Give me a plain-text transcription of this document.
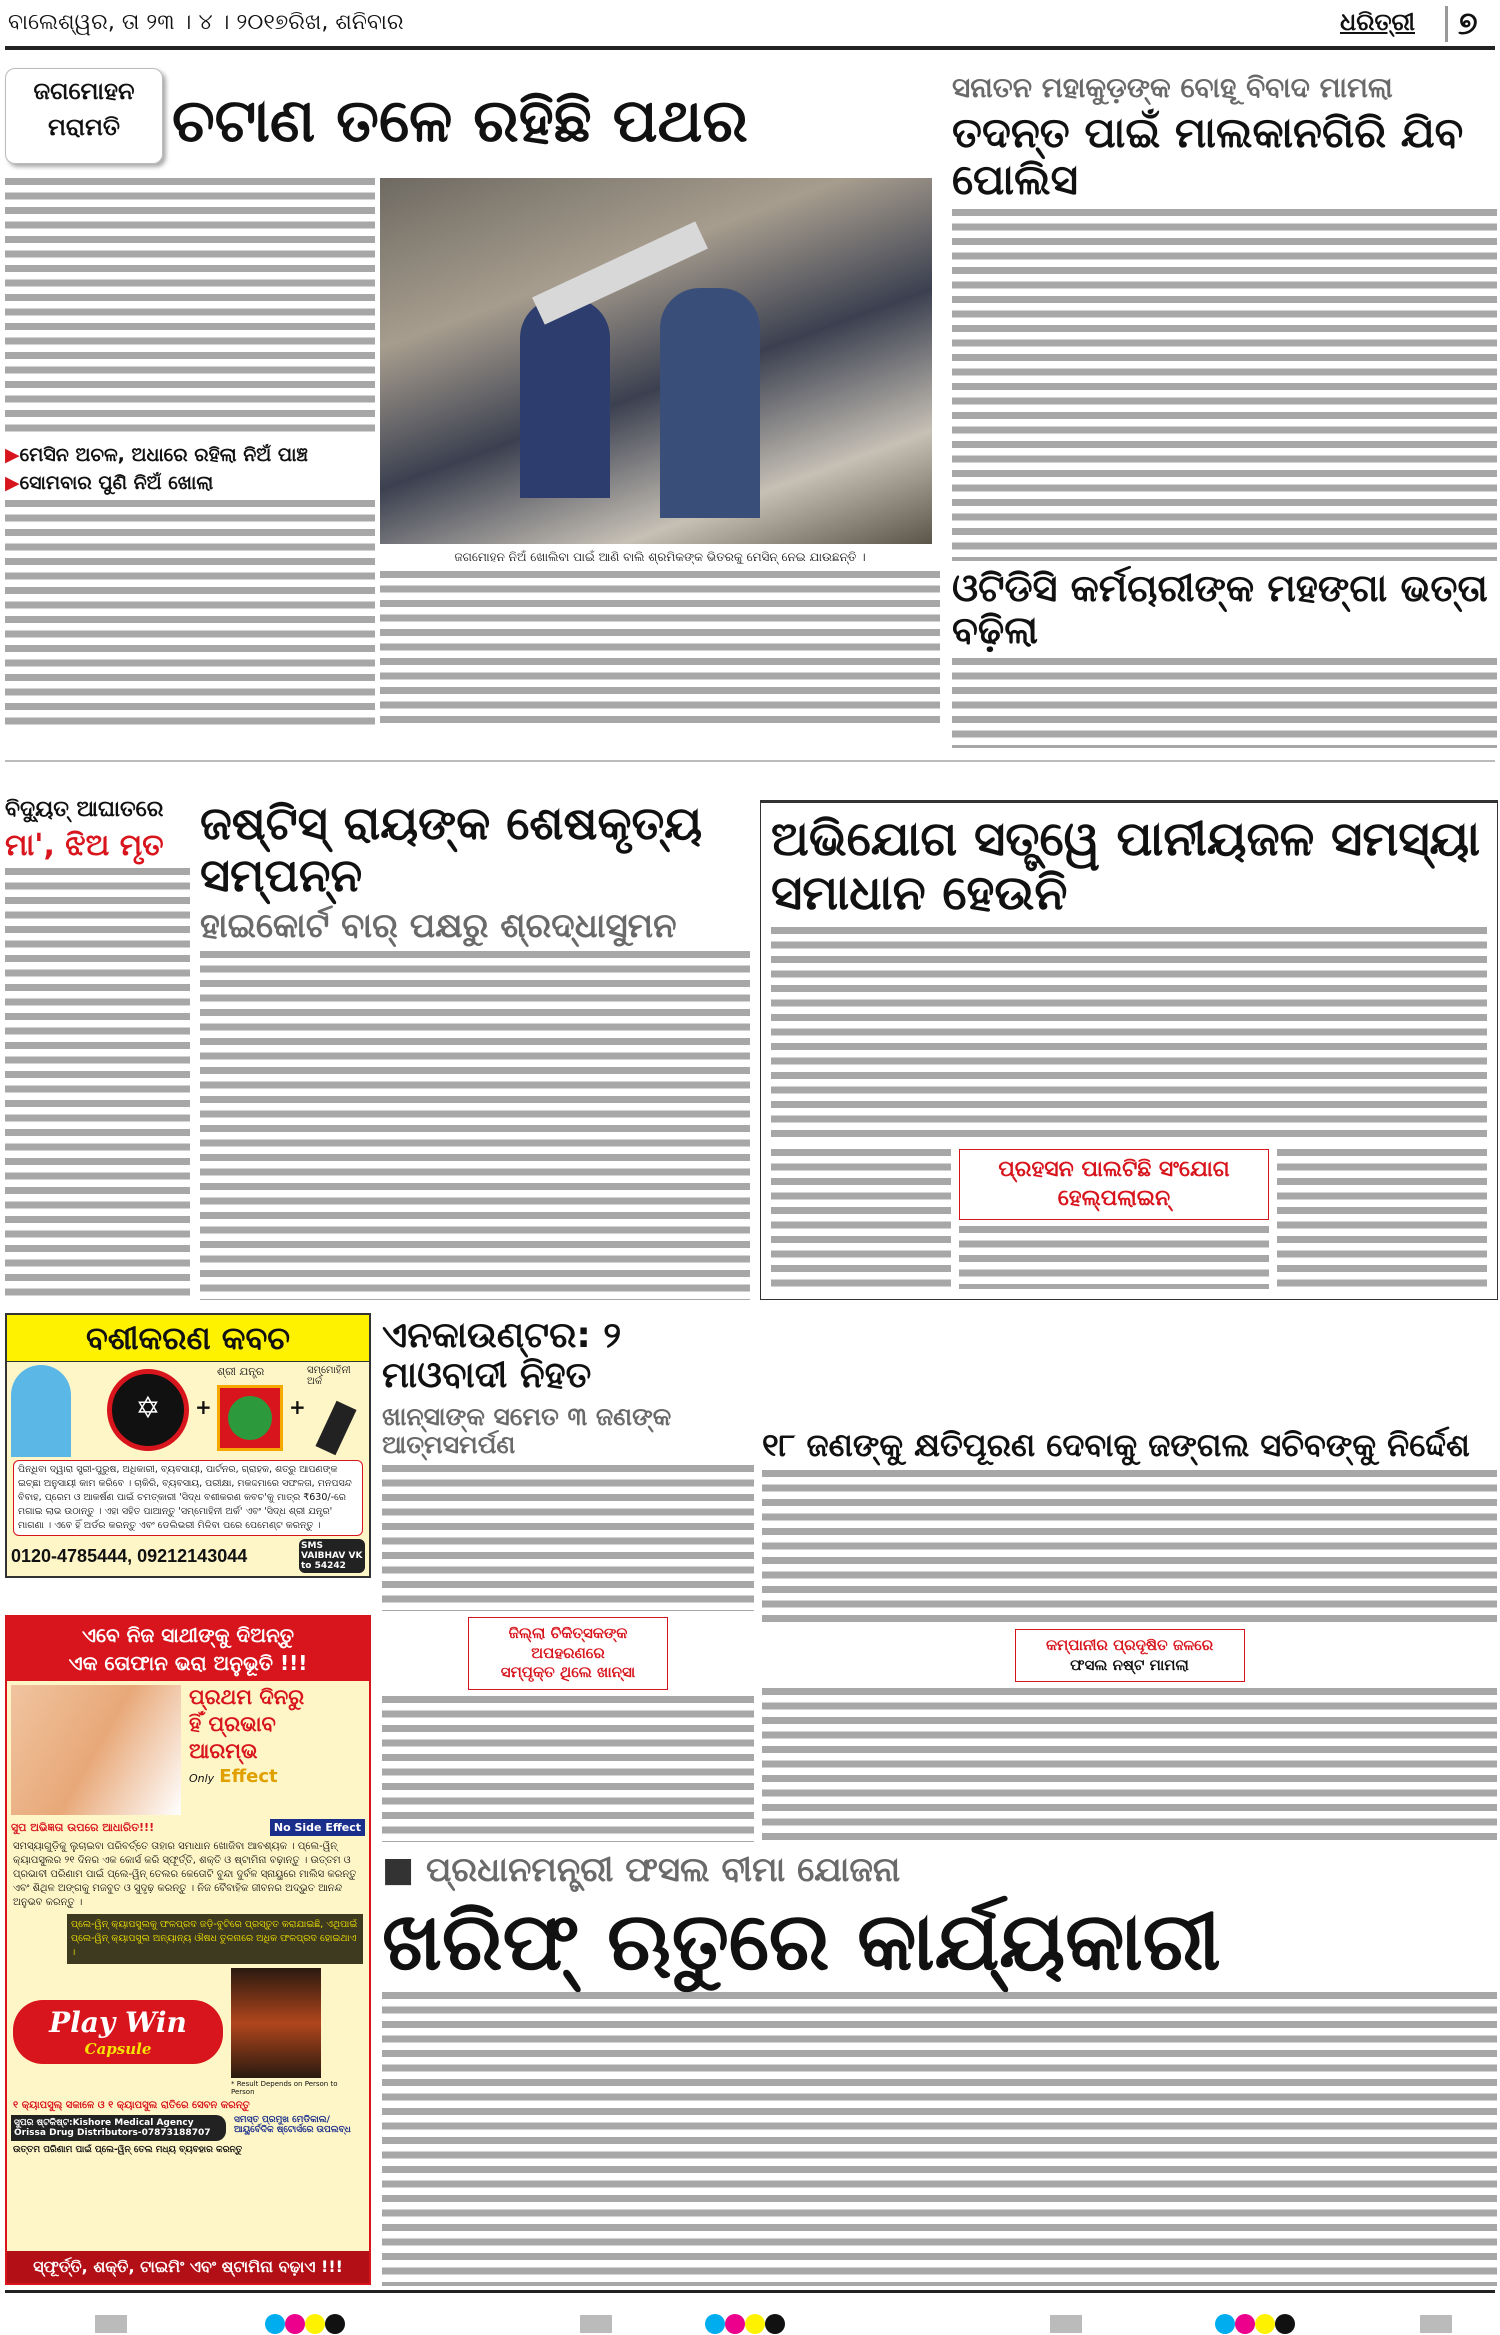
ବାଲେଶ୍ୱର, ତା ୨୩ । ୪ । ୨୦୧୭ରିଖ, ଶନିବାର	ଧରିତ୍ରୀ ୭
ଜଗମୋହନ
ମରାମତି ଚଟାଣ ତଳେ ରହିଛି ପଥର
▶ମେସିନ ଅଚଳ, ଅଧାରେ ରହିଲା ନିଅଁ ପାଞ୍ଚ
▶ସୋମବାର ପୁଣି ନିଅଁ ଖୋଲା
ଜଗମୋହନ ନିଅଁ ଖୋଲିବା ପାଇଁ ଆଣି ବାଲି ଶ୍ରମିକଙ୍କ ଭିତରକୁ ମେସିନ୍ ନେଇ ଯାଉଛନ୍ତି ।
ସନାତନ ମହାକୁଡ଼ଙ୍କ ବୋହୂ ବିବାଦ ମାମଲା
ତଦନ୍ତ ପାଇଁ ମାଲକାନଗିରି ଯିବ ପୋଲିସ
ଓଟିଡିସି କର୍ମଚାରୀଙ୍କ ମହଙ୍ଗା ଭତ୍ତା ବଢ଼ିଲା
ବିଦ୍ୟୁତ୍ ଆଘାତରେ
ମା', ଝିଅ ମୃତ ଜଷ୍ଟିସ୍ ରାୟଙ୍କ ଶେଷକୃତ୍ୟ ସମ୍ପନ୍ନ
ହାଇକୋର୍ଟ ବାର୍ ପକ୍ଷରୁ ଶ୍ରଦ୍ଧାସୁମନ
ଅଭିଯୋଗ ସତ୍ତ୍ୱେ ପାନୀୟଜଳ ସମସ୍ୟା ସମାଧାନ ହେଉନି
ପ୍ରହସନ ପାଲଟିଛି ସଂଯୋଗ ହେଲ୍ପଲାଇନ୍
ବଶୀକରଣ କବଚ
✡	+
ଶ୍ରୀ ଯନ୍ତ୍ର
+
ସମ୍ମୋହିନୀ ଅର୍କ
ପିନ୍ଧିବା ଦ୍ୱାରା ସ୍ତ୍ରୀ-ପୁରୁଷ, ଅଧିକାରୀ, ବ୍ୟବସାୟୀ, ପାର୍ଟନର, ଗ୍ରାହକ, ଶତ୍ରୁ ଆପଣଙ୍କ ଇଚ୍ଛା ଅନୁସାୟୀ କାମ କରିବେ । ଚାକିରି, ବ୍ୟବସାୟ, ପରୀକ୍ଷା, ମକଦ୍ଦମାରେ ସଫଳତା, ମନପସନ୍ଦ ବିବାହ, ପ୍ରେମ ଓ ଆକର୍ଷଣ ପାଇଁ ଚମତ୍କାରୀ 'ସିଦ୍ଧ ବଶୀକରଣ କବଚ'କୁ ମାତ୍ର ₹630/-ରେ ମଗାଇ ଲାଭ ଉଠାନ୍ତୁ । ଏହା ସହିତ ପାଆନ୍ତୁ 'ସମ୍ମୋହିନୀ ଅର୍କ' ଏବଂ 'ସିଦ୍ଧ ଶ୍ରୀ ଯନ୍ତ୍ର' ମାଗଣା । ଏବେ ହିଁ ଅର୍ଡର କରନ୍ତୁ ଏବଂ ଡେଲିଭରୀ ମିଳିବା ପରେ ପେମେଣ୍ଟ କରନ୍ତୁ ।
0120-4785444, 09212143044	SMS VAIBHAV VK to 54242
ଏବେ ନିଜ ସାଥୀଙ୍କୁ ଦିଅନ୍ତୁ
ଏକ ତୋଫାନ ଭରା ଅନୁଭୂତି !!!
ପ୍ରଥମ ଦିନରୁ
ହିଁ ପ୍ରଭାବ
ଆରମ୍ଭ
Only Effect
ସୁପ ଅଭିଜ୍ଞତା ଉପରେ ଆଧାରିତ!!!	No Side Effect
ସମସ୍ୟାଗୁଡ଼ିକୁ ଲୁଚାଇବା ପରିବର୍ତ୍ତେ ତାହାର ସମାଧାନ ଖୋଜିବା ଆବଶ୍ୟକ । ପ୍ଲେ-ୱିନ୍ କ୍ୟାପସୁଲର ୨୧ ଦିନର ଏକ କୋର୍ସ କରି ସ୍ଫୂର୍ତ୍ତି, ଶକ୍ତି ଓ ଷ୍ଟାମିନା ବଢ଼ାନ୍ତୁ । ଉତ୍ତମ ଓ ପ୍ରଭାବୀ ପରିଣାମ ପାଇଁ ପ୍ଲେ-ୱିନ୍ ତେଲର କେତୋଟି ବୁନ୍ଦା ଦୁର୍ବଳ ସ୍ନାୟୁରେ ମାଲିସ କରନ୍ତୁ ଏବଂ ଶିଥିଳ ଅଙ୍ଗକୁ ମଜବୁତ ଓ ସୁଦୃଢ଼ କରନ୍ତୁ । ନିଜ ବୈବାହିକ ଜୀବନର ଅଦ୍ଭୁତ ଆନନ୍ଦ ଅନୁଭବ କରନ୍ତୁ ।
ପ୍ଲେ-ୱିନ୍ କ୍ୟାପସୁଲକୁ ଫଳପ୍ରଦ ଜଡ଼ି-ବୁଟିରେ ପ୍ରସ୍ତୁତ କରାଯାଇଛି, ଏଥିପାଇଁ ପ୍ଲେ-ୱିନ୍ କ୍ୟାପସୁଲ ଅନ୍ୟାନ୍ୟ ଔଷଧ ତୁଳନାରେ ଅଧିକ ଫଳପ୍ରଦ ହୋଇଥାଏ ।
Play Win
Capsule
* Result Depends on Person to Person
୧ କ୍ୟାପସୁଲ୍ ସକାଳେ ଓ ୧ କ୍ୟାପସୁଲ ରାତିରେ ସେବନ କରନ୍ତୁ
ସୁପର ଷ୍ଟକିଷ୍ଟ:Kishore Medical Agency
Orissa Drug Distributors-07873188707
ସମସ୍ତ ପ୍ରମୁଖ ମେଡିକାଲ/ ଆୟୁର୍ବେଦିକ ଷ୍ଟୋର୍ସରେ ଉପଲବ୍ଧ
ଉତ୍ତମ ପରିଣାମ ପାଇଁ ପ୍ଲେ-ୱିନ୍ ତେଲ ମଧ୍ୟ ବ୍ୟବହାର କରନ୍ତୁ
ସ୍ଫୂର୍ତ୍ତି, ଶକ୍ତି, ଟାଇମିଂ ଏବଂ ଷ୍ଟାମିନା ବଢ଼ାଏ !!!
ଏନକାଉଣ୍ଟର: ୨ ମାଓବାଦୀ ନିହତ
ଖାନ୍ସାଙ୍କ ସମେତ ୩ ଜଣଙ୍କ ଆତ୍ମସମର୍ପଣ
ଜିଲ୍ଲା ଚିକିତ୍ସକଙ୍କ ଅପହରଣରେ
ସମ୍ପୃକ୍ତ ଥିଲେ ଖାନ୍ସା
୧୮ ଜଣଙ୍କୁ କ୍ଷତିପୂରଣ ଦେବାକୁ ଜଙ୍ଗଲ ସଚିବଙ୍କୁ ନିର୍ଦ୍ଦେଶ
କମ୍ପାନୀର ପ୍ରଦୂଷିତ ଜଳରେ
ଫସଲ ନଷ୍ଟ ମାମଲା
■ ପ୍ରଧାନମନ୍ତ୍ରୀ ଫସଲ ବୀମା ଯୋଜନା
ଖରିଫ୍ ଋତୁରେ କାର୍ଯ୍ୟକାରୀ
